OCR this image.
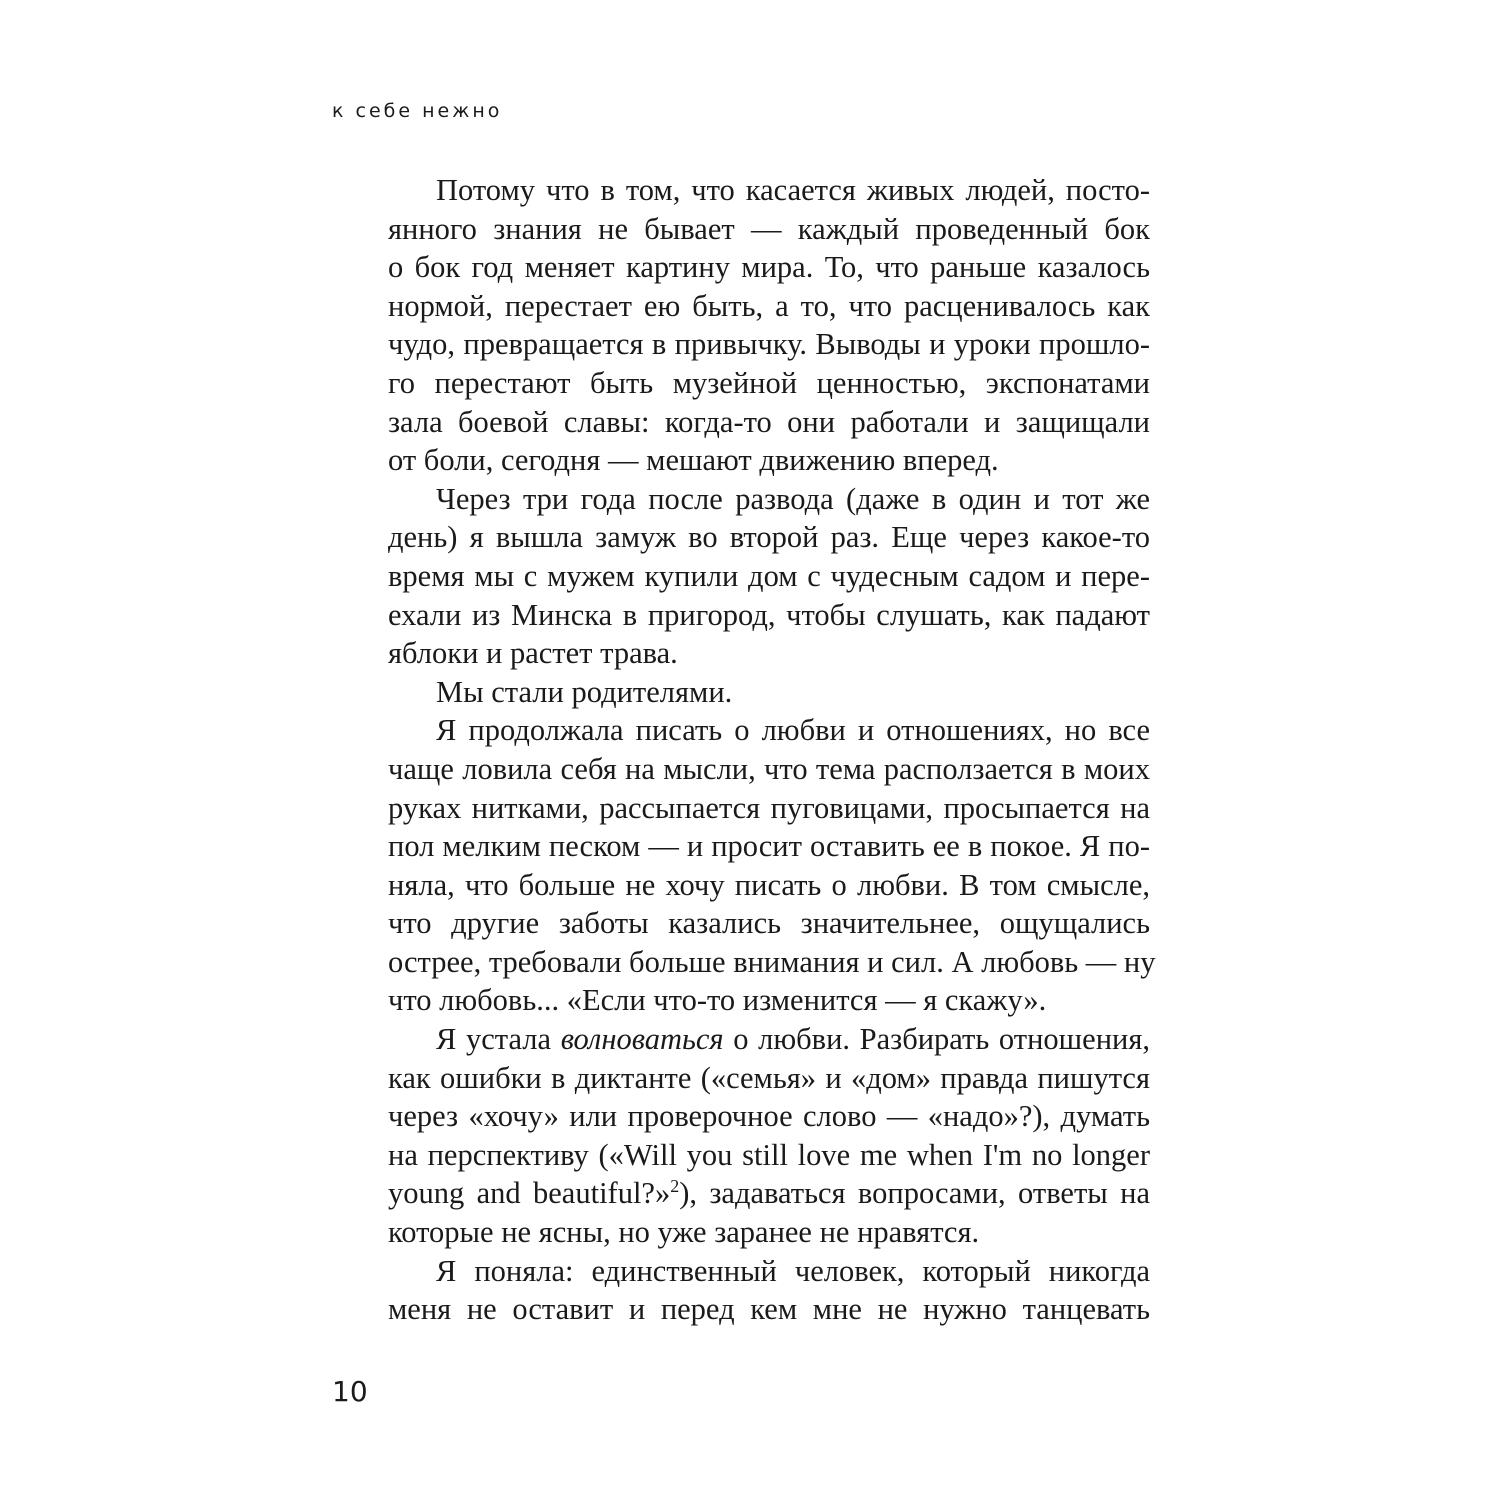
к себе нежно

Потому что в том, что касается живых людей, посто-
янного знания не бывает — каждый проведенный бок
о бок год меняет картину мира. То, что раньше казалось
нормой, перестает ею быть, а то, что расценивалось как
чудо, превращается в привычку. Выводы и уроки прошло-
го перестают быть музейной ценностью, экспонатами
зала боевой славы: когда-то они работали и защищали
от боли, сегодня — мешают движению вперед.

Через три года после развода (даже в один и тот же
день) я вышла замуж во второй раз. Еще через какое-то
время мы с мужем купили дом с чудесным садом и пере-
ехали из Минска в пригород, чтобы слушать, как падают
яблоки и растет трава.

Мы стали родителями.

Я продолжала писать о любви и отношениях, но все
чаще ловила себя на мысли, что тема расползается в моих
руках нитками, рассыпается пуговицами, просыпается на
пол мелким песком — и просит оставить ее в покое. Я по-
няла, что больше не хочу писать о любви. В том смысле,
что другие заботы казались значительнее, ощущались
острее, требовали больше внимания и сил. А любовь — ну
что любовь... «Если что-то изменится — я скажу».

Я устала волноваться о любви. Разбирать отношения,
как ошибки в диктанте («семья» и «дом» правда пишутся
через «хочу» или проверочное слово — «надо»?), думать
на перспективу («Will you still love me when I'm no longer
young and beautiful?»$^2$), задаваться вопросами, ответы на
которые не ясны, но уже заранее не нравятся.

Я поняла: единственный человек, который никогда
меня не оставит и перед кем мне не нужно танцевать

10
